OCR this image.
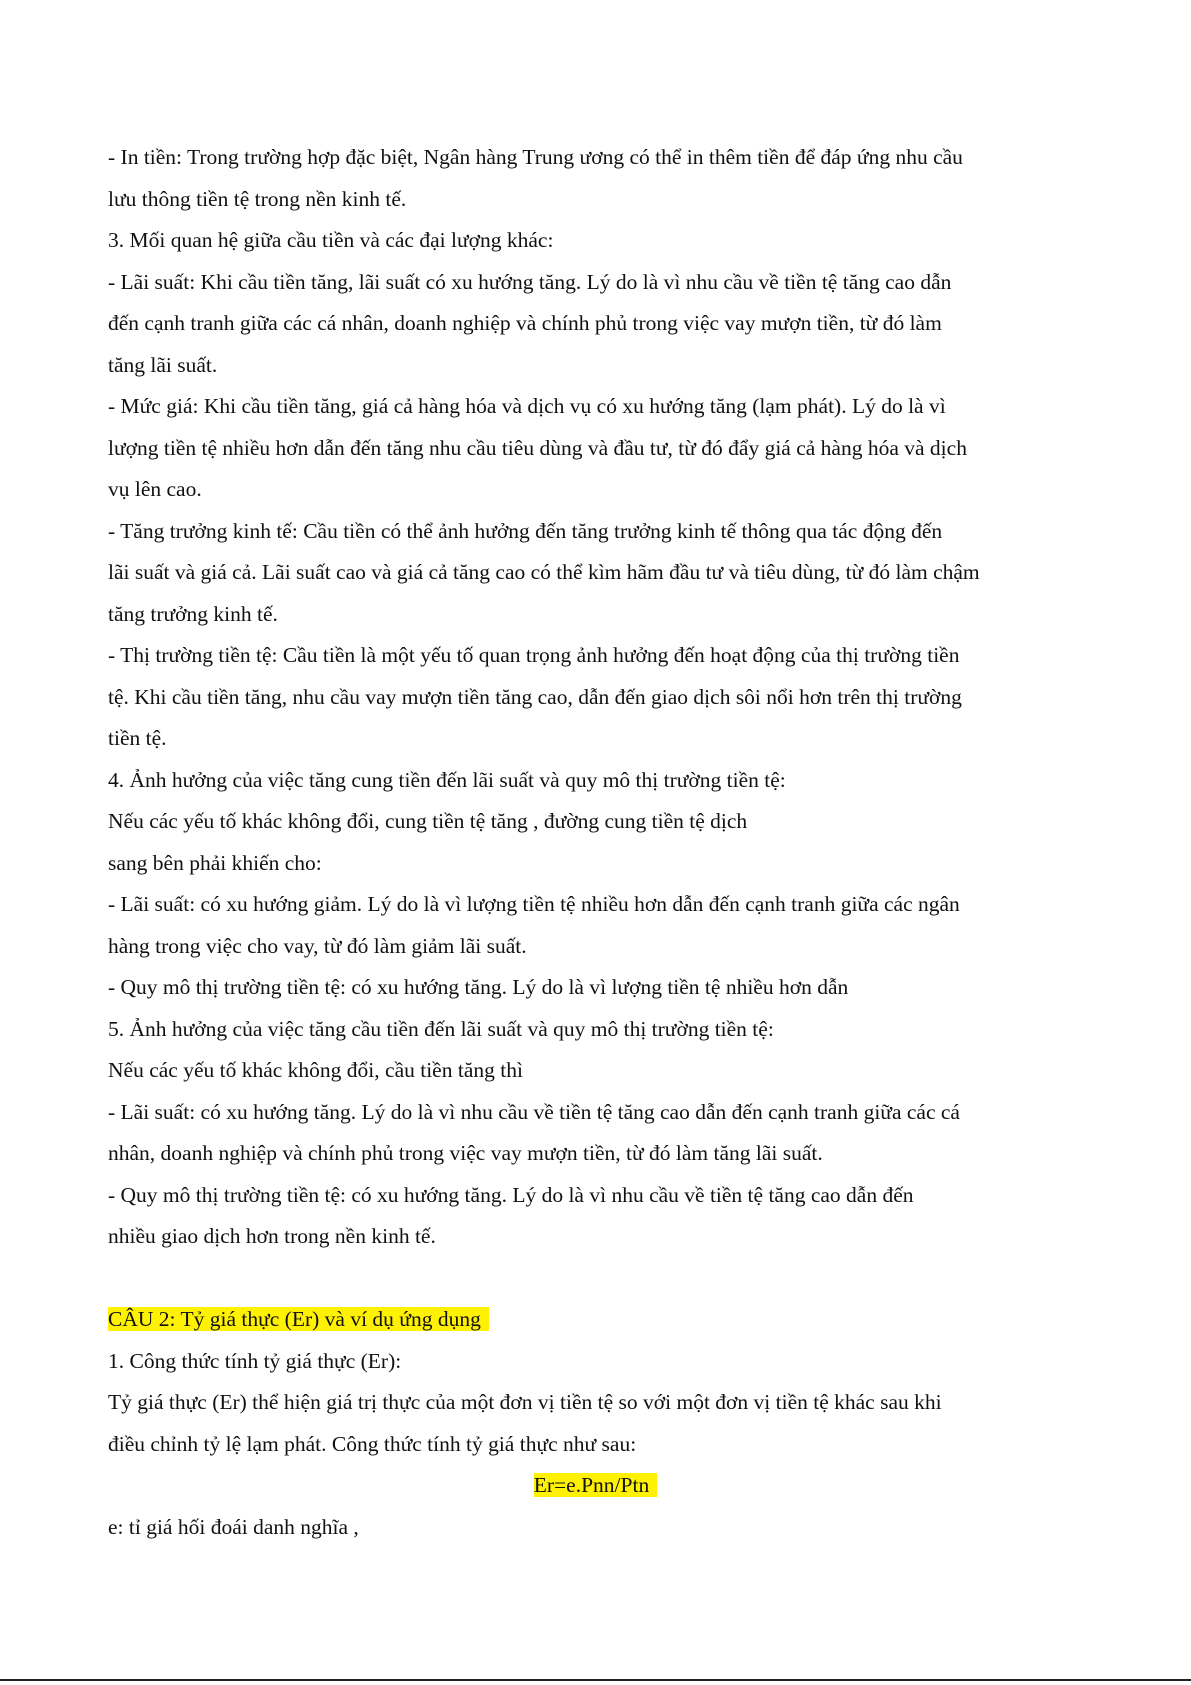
- In tiền: Trong trường hợp đặc biệt, Ngân hàng Trung ương có thể in thêm tiền để đáp ứng nhu cầu
lưu thông tiền tệ trong nền kinh tế.
3. Mối quan hệ giữa cầu tiền và các đại lượng khác:
- Lãi suất: Khi cầu tiền tăng, lãi suất có xu hướng tăng. Lý do là vì nhu cầu về tiền tệ tăng cao dẫn
đến cạnh tranh giữa các cá nhân, doanh nghiệp và chính phủ trong việc vay mượn tiền, từ đó làm
tăng lãi suất.
- Mức giá: Khi cầu tiền tăng, giá cả hàng hóa và dịch vụ có xu hướng tăng (lạm phát). Lý do là vì
lượng tiền tệ nhiều hơn dẫn đến tăng nhu cầu tiêu dùng và đầu tư, từ đó đẩy giá cả hàng hóa và dịch
vụ lên cao.
- Tăng trưởng kinh tế: Cầu tiền có thể ảnh hưởng đến tăng trưởng kinh tế thông qua tác động đến
lãi suất và giá cả. Lãi suất cao và giá cả tăng cao có thể kìm hãm đầu tư và tiêu dùng, từ đó làm chậm
tăng trưởng kinh tế.
- Thị trường tiền tệ: Cầu tiền là một yếu tố quan trọng ảnh hưởng đến hoạt động của thị trường tiền
tệ. Khi cầu tiền tăng, nhu cầu vay mượn tiền tăng cao, dẫn đến giao dịch sôi nổi hơn trên thị trường
tiền tệ.
4. Ảnh hưởng của việc tăng cung tiền đến lãi suất và quy mô thị trường tiền tệ:
Nếu các yếu tố khác không đổi, cung tiền tệ tăng , đường cung tiền tệ dịch
sang bên phải khiến cho:
- Lãi suất: có xu hướng giảm. Lý do là vì lượng tiền tệ nhiều hơn dẫn đến cạnh tranh giữa các ngân
hàng trong việc cho vay, từ đó làm giảm lãi suất.
- Quy mô thị trường tiền tệ: có xu hướng tăng. Lý do là vì lượng tiền tệ nhiều hơn dẫn
5. Ảnh hưởng của việc tăng cầu tiền đến lãi suất và quy mô thị trường tiền tệ:
Nếu các yếu tố khác không đổi, cầu tiền tăng thì
- Lãi suất: có xu hướng tăng. Lý do là vì nhu cầu về tiền tệ tăng cao dẫn đến cạnh tranh giữa các cá
nhân, doanh nghiệp và chính phủ trong việc vay mượn tiền, từ đó làm tăng lãi suất.
- Quy mô thị trường tiền tệ: có xu hướng tăng. Lý do là vì nhu cầu về tiền tệ tăng cao dẫn đến
nhiều giao dịch hơn trong nền kinh tế.
CÂU 2: Tỷ giá thực (Er) và ví dụ ứng dụng
1. Công thức tính tỷ giá thực (Er):
Tỷ giá thực (Er) thể hiện giá trị thực của một đơn vị tiền tệ so với một đơn vị tiền tệ khác sau khi
điều chỉnh tỷ lệ lạm phát. Công thức tính tỷ giá thực như sau:
Er=e.Pnn/Ptn
e: tỉ giá hối đoái danh nghĩa ,
